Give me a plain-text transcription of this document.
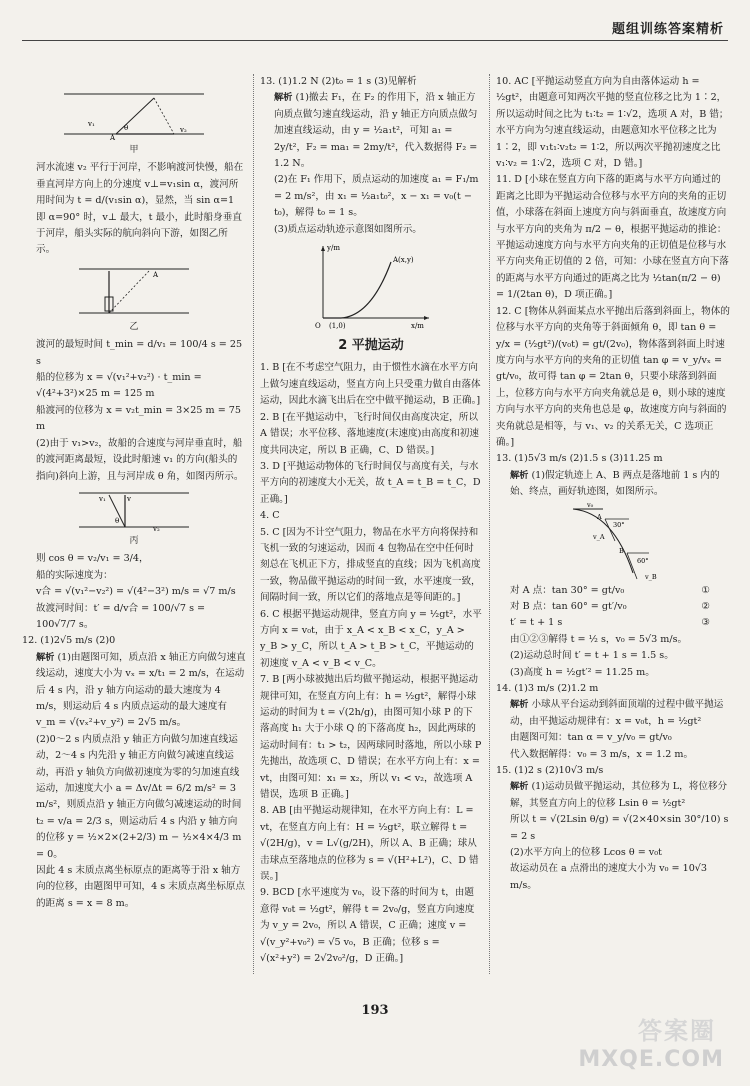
题组训练答案精析
v₁	θ
A
v₂

甲

河水流速 v₂ 平行于河岸，不影响渡河快慢，船在垂直河岸方向上的分速度 v⊥=v₁sin α，渡河所用时间为 t = d/(v₁sin α)，显然，当 sin α=1 即 α=90° 时，v⊥ 最大，t 最小，此时船身垂直于河岸，船头实际的航向斜向下游，如图乙所示。

A

乙

渡河的最短时间 t_min = d/v₁ = 100/4 s = 25 s

船的位移为 x = √(v₁²+v₂²) · t_min = √(4²+3²)×25 m = 125 m

船渡河的位移为 x = v₂t_min = 3×25 m = 75 m

(2)由于 v₁>v₂，故船的合速度与河岸垂直时，船的渡河距离最短，设此时船速 v₁ 的方向(船头的指向)斜向上游，且与河岸成 θ 角，如图丙所示。

v
v₁
θ
v₂

丙

则 cos θ = v₂/v₁ = 3/4，

船的实际速度为：

v合 = √(v₁²−v₂²) = √(4²−3²) m/s = √7 m/s

故渡河时间：t′ = d/v合 = 100/√7 s = 100√7/7 s。

12. (1)2√5 m/s (2)0

解析 (1)由题图可知，质点沿 x 轴正方向做匀速直线运动，速度大小为 vₓ = x/t₁ = 2 m/s，在运动后 4 s 内，沿 y 轴方向运动的最大速度为 4 m/s，则运动后 4 s 内质点运动的最大速度有 v_m = √(vₓ²+v_y²) = 2√5 m/s。

(2)0～2 s 内质点沿 y 轴正方向做匀加速直线运动，2～4 s 内先沿 y 轴正方向做匀减速直线运动，再沿 y 轴负方向做初速度为零的匀加速直线运动，加速度大小 a = Δv/Δt = 6/2 m/s² = 3 m/s²，则质点沿 y 轴正方向做匀减速运动的时间 t₂ = v/a = 2/3 s，则运动后 4 s 内沿 y 轴方向的位移 y = ½×2×(2+2/3) m − ½×4×4/3 m = 0。

因此 4 s 末质点离坐标原点的距离等于沿 x 轴方向的位移，由题图甲可知，4 s 末质点离坐标原点的距离 s = x = 8 m。

13. (1)1.2 N (2)t₀ = 1 s (3)见解析

解析 (1)撤去 F₁，在 F₂ 的作用下，沿 x 轴正方向质点做匀速直线运动，沿 y 轴正方向质点做匀加速直线运动，由 y = ½a₁t²，可知 a₁ = 2y/t²，F₂ = ma₁ = 2my/t²，代入数据得 F₂ = 1.2 N。

(2)在 F₁ 作用下，质点运动的加速度 a₁ = F₁/m = 2 m/s²，由 x₁ = ½a₁t₀²，x − x₁ = v₀(t − t₀)，解得 t₀ = 1 s。

(3)质点运动轨迹示意图如图所示。

y/m
x/m
O
A(x,y)
(1,0)
2 平抛运动

1. B [在不考虑空气阻力，由于惯性水滴在水平方向上做匀速直线运动，竖直方向上只受重力做自由落体运动，因此水滴飞出后在空中做平抛运动，B 正确。]

2. B [在平抛运动中，飞行时间仅由高度决定，所以 A 错误；水平位移、落地速度(末速度)由高度和初速度共同决定，所以 B 正确，C、D 错误。]

3. D [平抛运动物体的飞行时间仅与高度有关，与水平方向的初速度大小无关，故 t_A = t_B = t_C，D 正确。]

4. C

5. C [因为不计空气阻力，物品在水平方向将保持和飞机一致的匀速运动，因而 4 包物品在空中任何时刻总在飞机正下方，排成竖直的直线；因为飞机高度一致，物品做平抛运动的时间一致，水平速度一致，间隔时间一致，所以它们的落地点是等间距的。]

6. C 根据平抛运动规律，竖直方向 y = ½gt²，水平方向 x = v₀t，由于 x_A < x_B < x_C，y_A > y_B > y_C，所以 t_A > t_B > t_C，平抛运动的初速度 v_A < v_B < v_C。

7. B [两小球被抛出后均做平抛运动，根据平抛运动规律可知，在竖直方向上有：h = ½gt²，解得小球运动的时间为 t = √(2h/g)，由图可知小球 P 的下落高度 h₁ 大于小球 Q 的下落高度 h₂，因此两球的运动时间有：t₁ > t₂，因两球同时落地，所以小球 P 先抛出，故选项 C、D 错误；在水平方向上有：x = vt，由图可知：x₁ = x₂，所以 v₁ < v₂，故选项 A 错误，选项 B 正确。]

8. AB [由平抛运动规律知，在水平方向上有：L = vt，在竖直方向上有：H = ½gt²，联立解得 t = √(2H/g)，v = L√(g/2H)，所以 A、B 正确；球从击球点至落地点的位移为 s = √(H²+L²)，C、D 错误。]

9. BCD [水平速度为 v₀，设下落的时间为 t，由题意得 v₀t = ½gt²，解得 t = 2v₀/g，竖直方向速度为 v_y = 2v₀，所以 A 错误，C 正确；速度 v = √(v_y²+v₀²) = √5 v₀，B 正确；位移 s = √(x²+y²) = 2√2v₀²/g，D 正确。]

10. AC [平抛运动竖直方向为自由落体运动 h = ½gt²，由题意可知两次平抛的竖直位移之比为 1∶2，所以运动时间之比为 t₁∶t₂ = 1∶√2，选项 A 对，B 错；水平方向为匀速直线运动，由题意知水平位移之比为 1∶2，即 v₁t₁∶v₂t₂ = 1∶2，所以两次平抛初速度之比 v₁∶v₂ = 1∶√2，选项 C 对，D 错。]

11. D [小球在竖直方向下落的距离与水平方向通过的距离之比即为平抛运动合位移与水平方向的夹角的正切值，小球落在斜面上速度方向与斜面垂直，故速度方向与水平方向的夹角为 π/2 − θ，根据平抛运动的推论：平抛运动速度方向与水平方向夹角的正切值是位移与水平方向夹角正切值的 2 倍，可知：小球在竖直方向下落的距离与水平方向通过的距离之比为 ½tan(π/2 − θ) = 1/(2tan θ)，D 项正确。]

12. C [物体从斜面某点水平抛出后落到斜面上，物体的位移与水平方向的夹角等于斜面倾角 θ，即 tan θ = y/x = (½gt²)/(v₀t) = gt/(2v₀)，物体落到斜面上时速度方向与水平方向的夹角的正切值 tan φ = v_y/vₓ = gt/v₀，故可得 tan φ = 2tan θ，只要小球落到斜面上，位移方向与水平方向夹角就总是 θ，则小球的速度方向与水平方向的夹角也总是 φ，故速度方向与斜面的夹角就总是相等，与 v₁、v₂ 的关系无关，C 选项正确。]

13. (1)5√3 m/s (2)1.5 s (3)11.25 m

解析 (1)假定轨迹上 A、B 两点是落地前 1 s 内的始、终点，画好轨迹图，如图所示。

v₀
A
30°
v_A
B
60°
v_B

对 A 点：tan 30° = gt/v₀	①

对 B 点：tan 60° = gt′/v₀	②

t′ = t + 1 s	③

由①②③解得 t = ½ s，v₀ = 5√3 m/s。

(2)运动总时间 t′ = t + 1 s = 1.5 s。

(3)高度 h = ½gt′² = 11.25 m。

14. (1)3 m/s (2)1.2 m

解析 小球从平台运动到斜面顶端的过程中做平抛运动，由平抛运动规律有：x = v₀t，h = ½gt²

由题图可知：tan α = v_y/v₀ = gt/v₀

代入数据解得：v₀ = 3 m/s，x = 1.2 m。

15. (1)2 s (2)10√3 m/s

解析 (1)运动员做平抛运动，其位移为 L，将位移分解，其竖直方向上的位移 Lsin θ = ½gt²

所以 t = √(2Lsin θ/g) = √(2×40×sin 30°/10) s = 2 s

(2)水平方向上的位移 Lcos θ = v₀t

故运动员在 a 点滑出的速度大小为 v₀ = 10√3 m/s。

193
答案圈
MXQE.COM
